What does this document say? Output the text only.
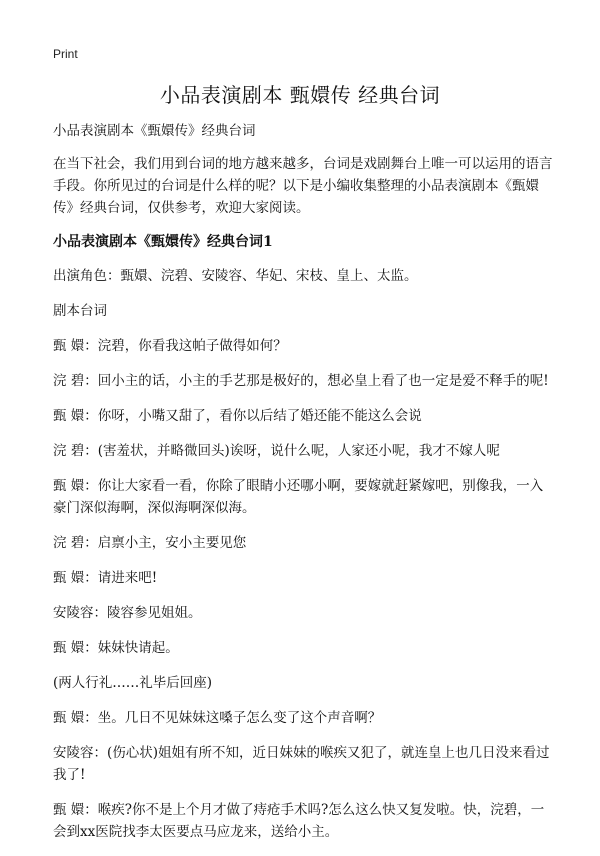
Print
小品表演剧本 甄嬛传 经典台词

小品表演剧本《甄嬛传》经典台词

在当下社会，我们用到台词的地方越来越多，台词是戏剧舞台上唯一可以运用的语言手段。你所见过的台词是什么样的呢？以下是小编收集整理的小品表演剧本《甄嬛传》经典台词，仅供参考，欢迎大家阅读。

小品表演剧本《甄嬛传》经典台词1

出演角色：甄嬛、浣碧、安陵容、华妃、宋枝、皇上、太监。

剧本台词

甄 嬛：浣碧，你看我这帕子做得如何？

浣 碧：回小主的话，小主的手艺那是极好的，想必皇上看了也一定是爱不释手的呢!

甄 嬛：你呀，小嘴又甜了，看你以后结了婚还能不能这么会说

浣 碧：(害羞状，并略微回头)诶呀，说什么呢，人家还小呢，我才不嫁人呢

甄 嬛：你让大家看一看，你除了眼睛小还哪小啊，要嫁就赶紧嫁吧，别像我，一入豪门深似海啊，深似海啊深似海。

浣 碧：启禀小主，安小主要见您

甄 嬛：请进来吧!

安陵容：陵容参见姐姐。

甄 嬛：妹妹快请起。

(两人行礼……礼毕后回座)

甄 嬛：坐。几日不见妹妹这嗓子怎么变了这个声音啊？

安陵容：(伤心状)姐姐有所不知，近日妹妹的喉疾又犯了，就连皇上也几日没来看过我了!

甄 嬛：喉疾?你不是上个月才做了痔疮手术吗?怎么这么快又复发啦。快，浣碧，一会到xx医院找李太医要点马应龙来，送给小主。
